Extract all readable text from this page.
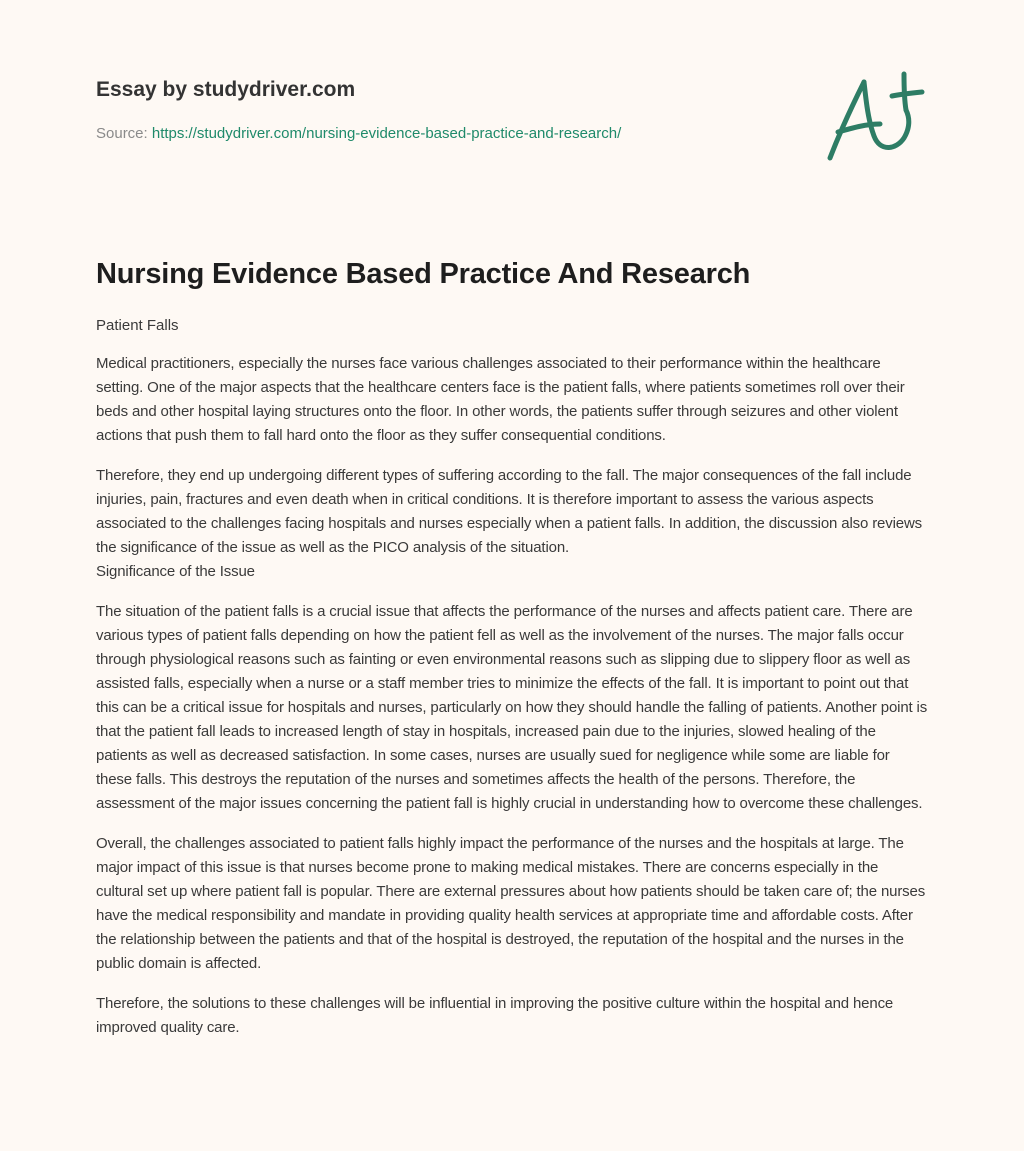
Essay by studydriver.com
Source: https://studydriver.com/nursing-evidence-based-practice-and-research/
Nursing Evidence Based Practice And Research
Patient Falls

Medical practitioners, especially the nurses face various challenges associated to their performance within the healthcare setting. One of the major aspects that the healthcare centers face is the patient falls, where patients sometimes roll over their beds and other hospital laying structures onto the floor. In other words, the patients suffer through seizures and other violent actions that push them to fall hard onto the floor as they suffer consequential conditions.

Therefore, they end up undergoing different types of suffering according to the fall. The major consequences of the fall include injuries, pain, fractures and even death when in critical conditions. It is therefore important to assess the various aspects associated to the challenges facing hospitals and nurses especially when a patient falls. In addition, the discussion also reviews the significance of the issue as well as the PICO analysis of the situation.

Significance of the Issue

The situation of the patient falls is a crucial issue that affects the performance of the nurses and affects patient care. There are various types of patient falls depending on how the patient fell as well as the involvement of the nurses. The major falls occur through physiological reasons such as fainting or even environmental reasons such as slipping due to slippery floor as well as assisted falls, especially when a nurse or a staff member tries to minimize the effects of the fall. It is important to point out that this can be a critical issue for hospitals and nurses, particularly on how they should handle the falling of patients. Another point is that the patient fall leads to increased length of stay in hospitals, increased pain due to the injuries, slowed healing of the patients as well as decreased satisfaction. In some cases, nurses are usually sued for negligence while some are liable for these falls. This destroys the reputation of the nurses and sometimes affects the health of the persons. Therefore, the assessment of the major issues concerning the patient fall is highly crucial in understanding how to overcome these challenges.

Overall, the challenges associated to patient falls highly impact the performance of the nurses and the hospitals at large. The major impact of this issue is that nurses become prone to making medical mistakes. There are concerns especially in the cultural set up where patient fall is popular. There are external pressures about how patients should be taken care of; the nurses have the medical responsibility and mandate in providing quality health services at appropriate time and affordable costs. After the relationship between the patients and that of the hospital is destroyed, the reputation of the hospital and the nurses in the public domain is affected.

Therefore, the solutions to these challenges will be influential in improving the positive culture within the hospital and hence improved quality care.
